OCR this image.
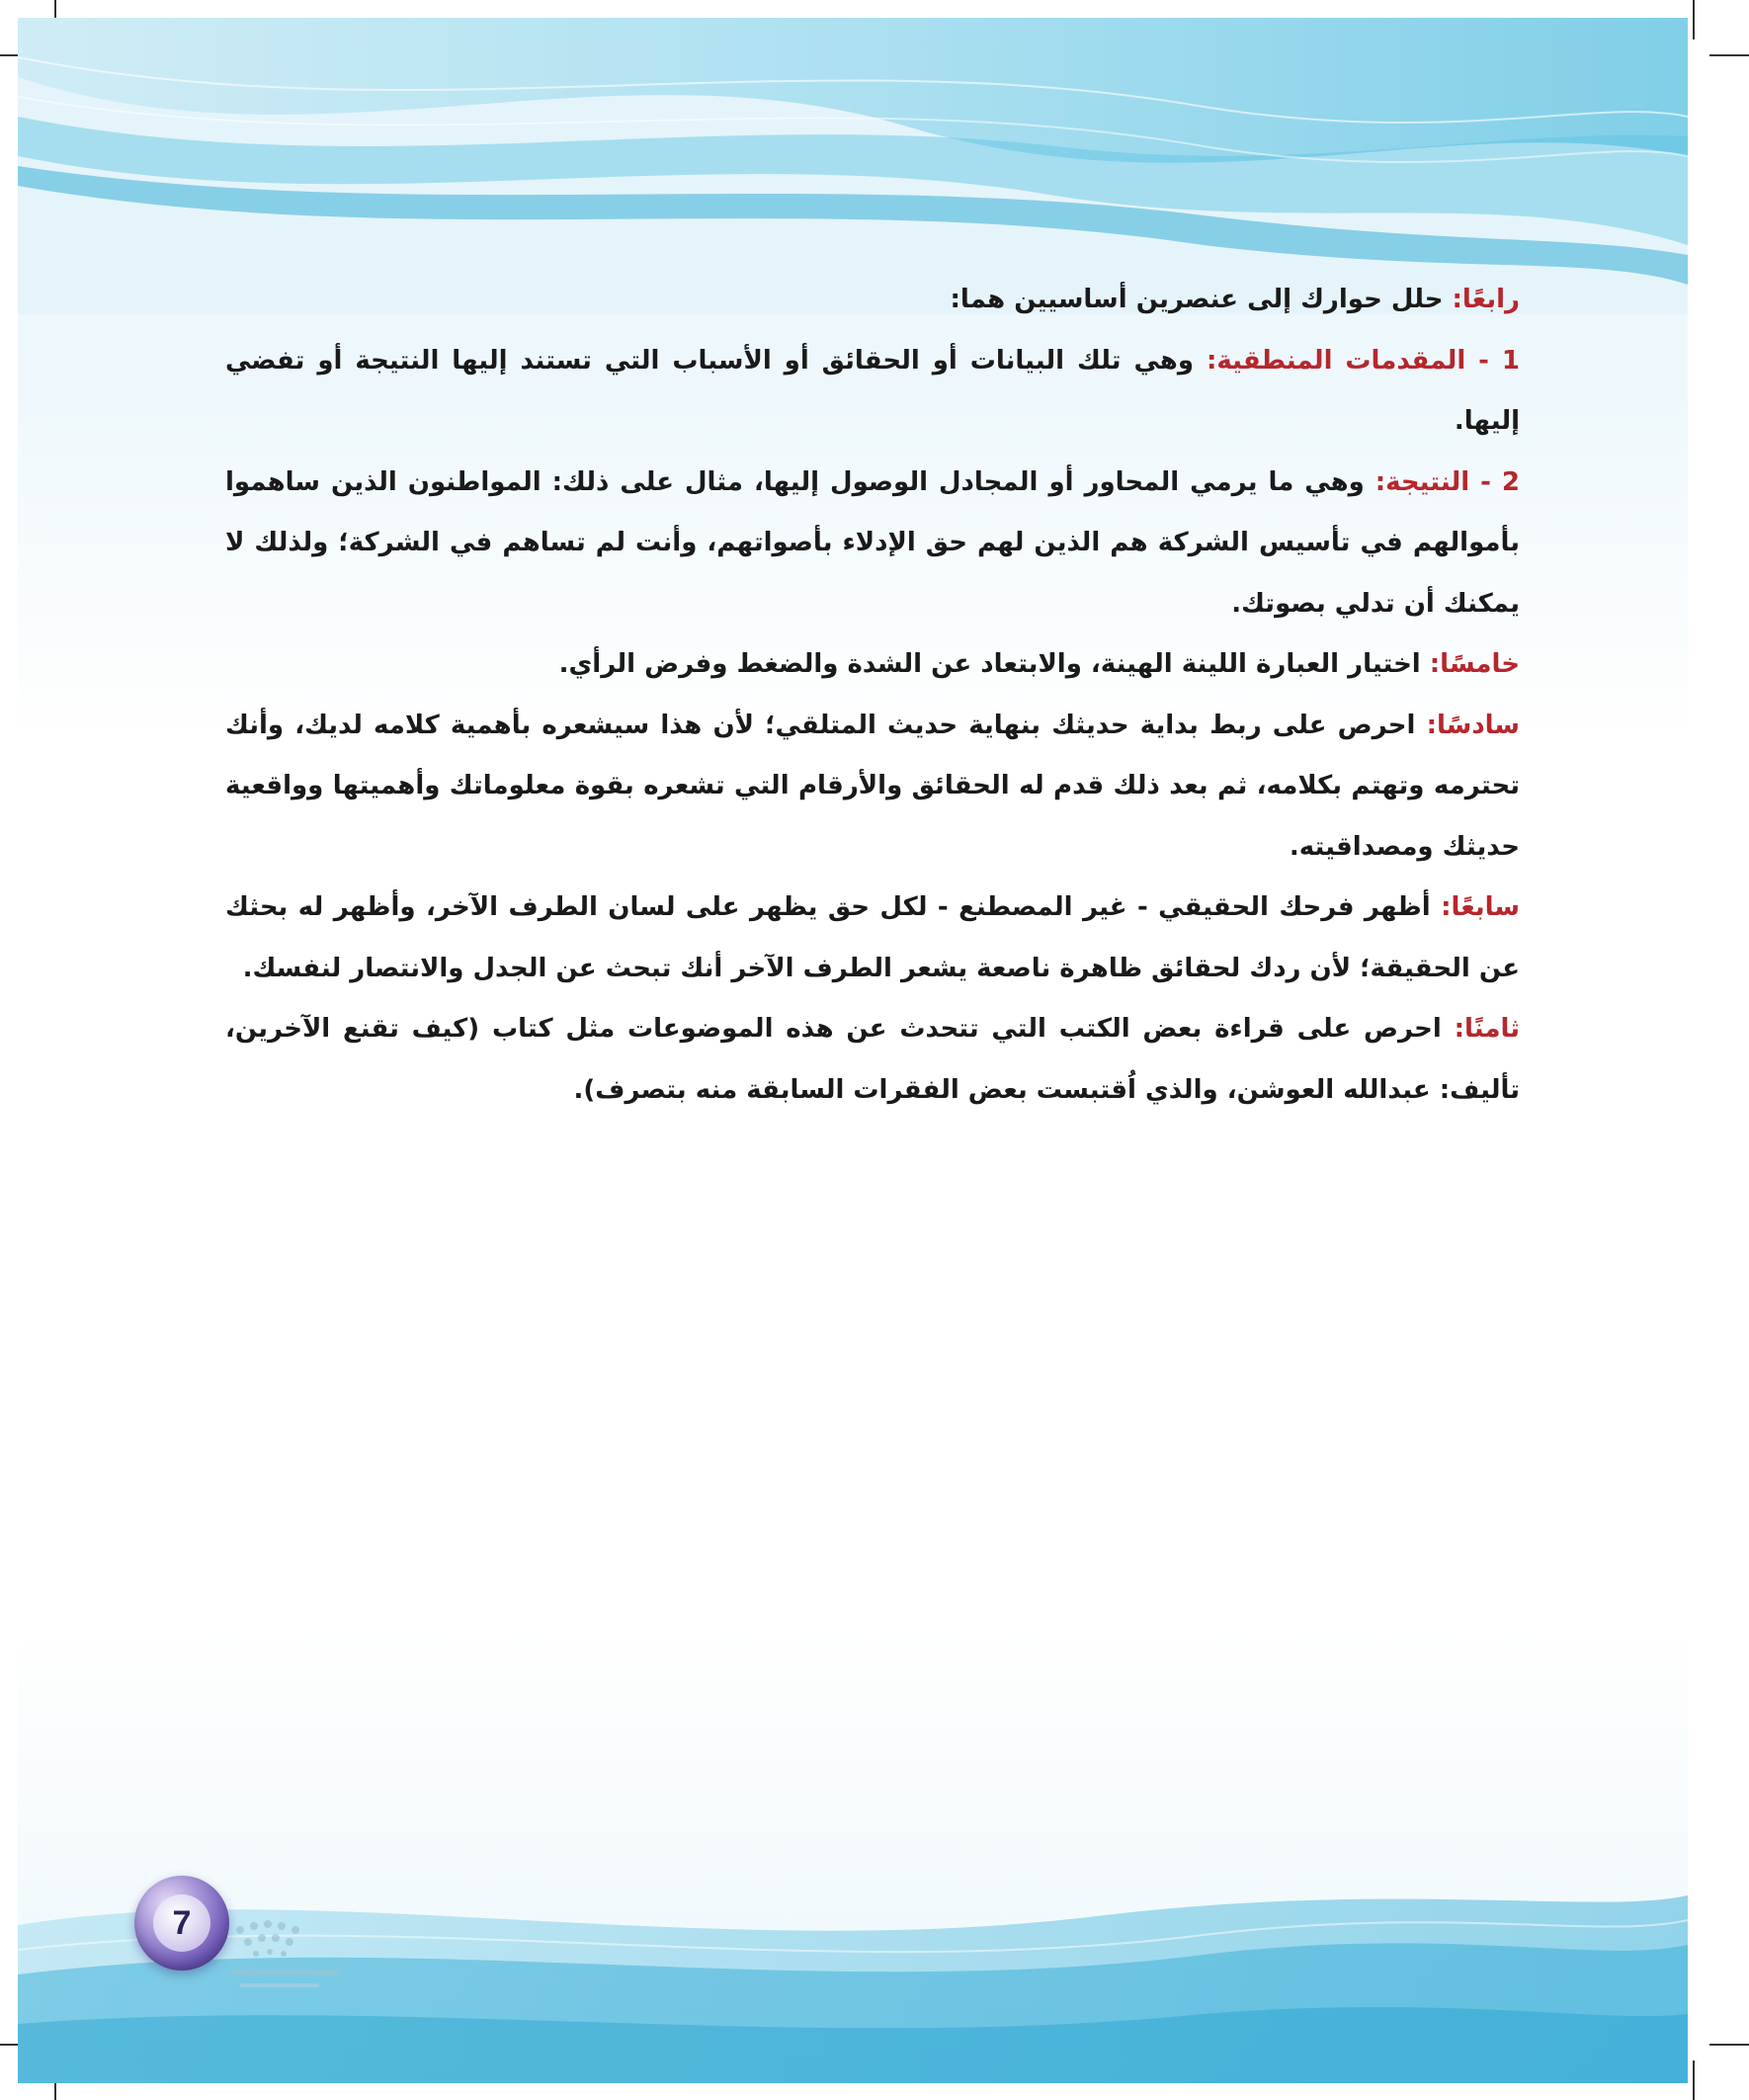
رابعًا: حلل حوارك إلى عنصرين أساسيين هما:

1 - المقدمات المنطقية: وهي تلك البيانات أو الحقائق أو الأسباب التي تستند إليها النتيجة أو تفضي إليها.

2 - النتيجة: وهي ما يرمي المحاور أو المجادل الوصول إليها، مثال على ذلك: المواطنون الذين ساهموا بأموالهم في تأسيس الشركة هم الذين لهم حق الإدلاء بأصواتهم، وأنت لم تساهم في الشركة؛ ولذلك لا يمكنك أن تدلي بصوتك.

خامسًا: اختيار العبارة اللينة الهينة، والابتعاد عن الشدة والضغط وفرض الرأي.

سادسًا: احرص على ربط بداية حديثك بنهاية حديث المتلقي؛ لأن هذا سيشعره بأهمية كلامه لديك، وأنك تحترمه وتهتم بكلامه، ثم بعد ذلك قدم له الحقائق والأرقام التي تشعره بقوة معلوماتك وأهميتها وواقعية حديثك ومصداقيته.

سابعًا: أظهر فرحك الحقيقي - غير المصطنع - لكل حق يظهر على لسان الطرف الآخر، وأظهر له بحثك عن الحقيقة؛ لأن ردك لحقائق ظاهرة ناصعة يشعر الطرف الآخر أنك تبحث عن الجدل والانتصار لنفسك.

ثامنًا: احرص على قراءة بعض الكتب التي تتحدث عن هذه الموضوعات مثل كتاب (كيف تقنع الآخرين، تأليف: عبدالله العوشن، والذي اُقتبست بعض الفقرات السابقة منه بتصرف).

7
